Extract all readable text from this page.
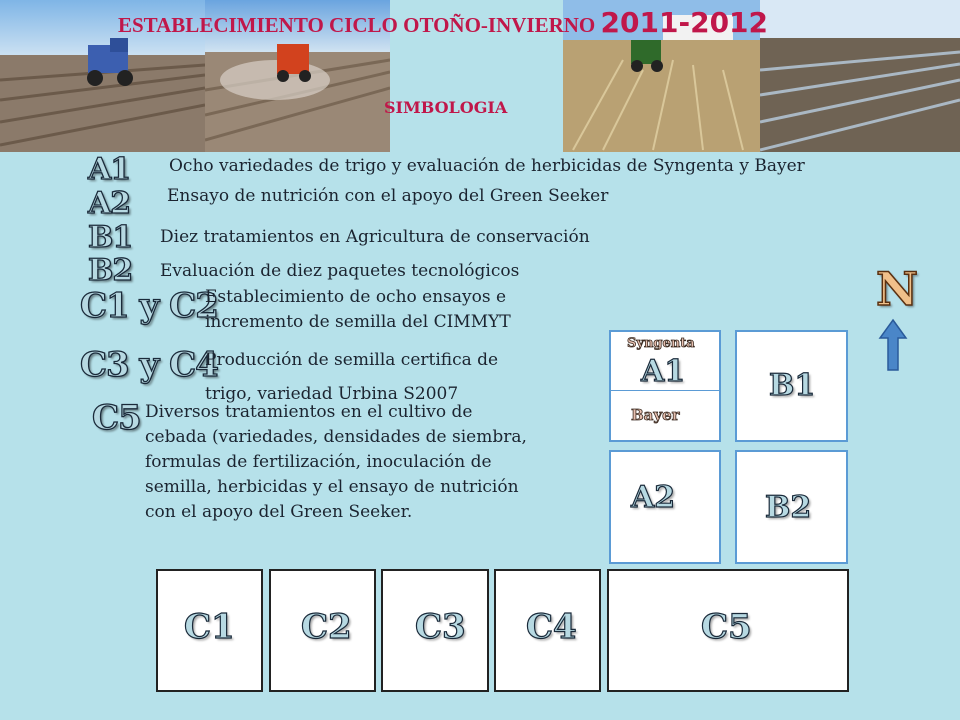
ESTABLECIMIENTO CICLO OTOÑO-INVIERNO 2011-2012
SIMBOLOGIA
A1 Ocho variedades de trigo y evaluación de herbicidas de Syngenta y Bayer
A2 Ensayo de nutrición con el apoyo del Green Seeker
B1 Diez tratamientos en Agricultura de conservación
B2 Evaluación de diez paquetes tecnológicos
C1 y C2
Establecimiento de ocho ensayos e
incremento de semilla del CIMMYT
C3 y C4
Producción de semilla certifica de
trigo, variedad Urbina S2007
C5 Diversos tratamientos en el cultivo de
cebada (variedades, densidades de siembra,
formulas de fertilización, inoculación de
semilla, herbicidas y el ensayo de nutrición
con el apoyo del Green Seeker.
N
Syngenta
A1
Bayer
B1
A2	B2
C1 C2 C3 C4	C5
